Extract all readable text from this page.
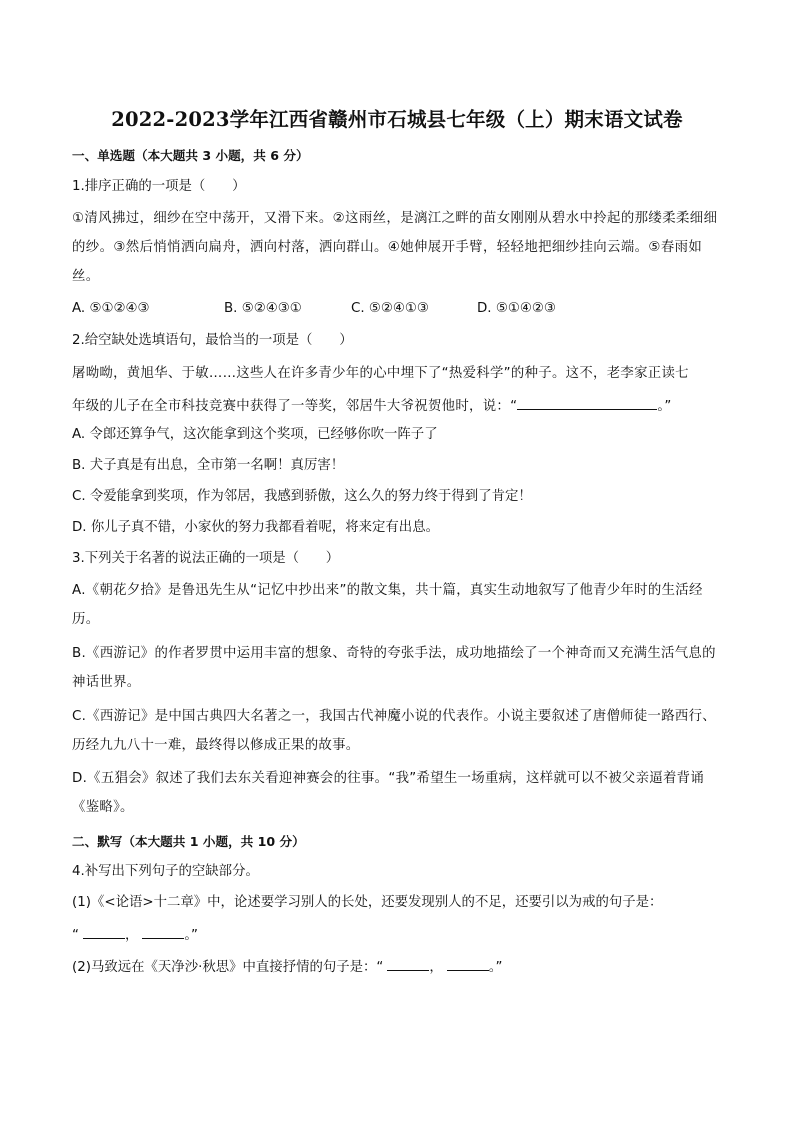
2022-2023学年江西省赣州市石城县七年级（上）期末语文试卷
一、单选题（本大题共 3 小题，共 6 分）
1.排序正确的一项是（　　）
①清风拂过，细纱在空中荡开，又滑下来。②这雨丝，是漓江之畔的苗女刚刚从碧水中拎起的那缕柔柔细细的纱。③然后悄悄洒向扁舟，洒向村落，洒向群山。④她伸展开手臂，轻轻地把细纱挂向云端。⑤春雨如丝。
A. ⑤①②④③	B. ⑤②④③①	C. ⑤②④①③	D. ⑤①④②③
2.给空缺处选填语句，最恰当的一项是（　　）
屠呦呦，黄旭华、于敏……这些人在许多青少年的心中埋下了“热爱科学”的种子。这不，老李家正读七
年级的儿子在全市科技竞赛中获得了一等奖，邻居牛大爷祝贺他时，说：“	。”
A. 令郎还算争气，这次能拿到这个奖项，已经够你吹一阵子了
B. 犬子真是有出息，全市第一名啊！真厉害！
C. 令爱能拿到奖项，作为邻居，我感到骄傲，这么久的努力终于得到了肯定！
D. 你儿子真不错，小家伙的努力我都看着呢，将来定有出息。
3.下列关于名著的说法正确的一项是（　　）
A.《朝花夕拾》是鲁迅先生从“记忆中抄出来”的散文集，共十篇，真实生动地叙写了他青少年时的生活经历。
B.《西游记》的作者罗贯中运用丰富的想象、奇特的夸张手法，成功地描绘了一个神奇而又充满生活气息的神话世界。
C.《西游记》是中国古典四大名著之一，我国古代神魔小说的代表作。小说主要叙述了唐僧师徒一路西行、历经九九八十一难，最终得以修成正果的故事。
D.《五猖会》叙述了我们去东关看迎神赛会的往事。“我”希望生一场重病，这样就可以不被父亲逼着背诵《鉴略》。
二、默写（本大题共 1 小题，共 10 分）
4.补写出下列句子的空缺部分。
(1)《<论语>十二章》中，论述要学习别人的长处，还要发现别人的不足，还要引以为戒的句子是：
“	，	。”
(2)马致远在《天净沙·秋思》中直接抒情的句子是：“	，	。”
